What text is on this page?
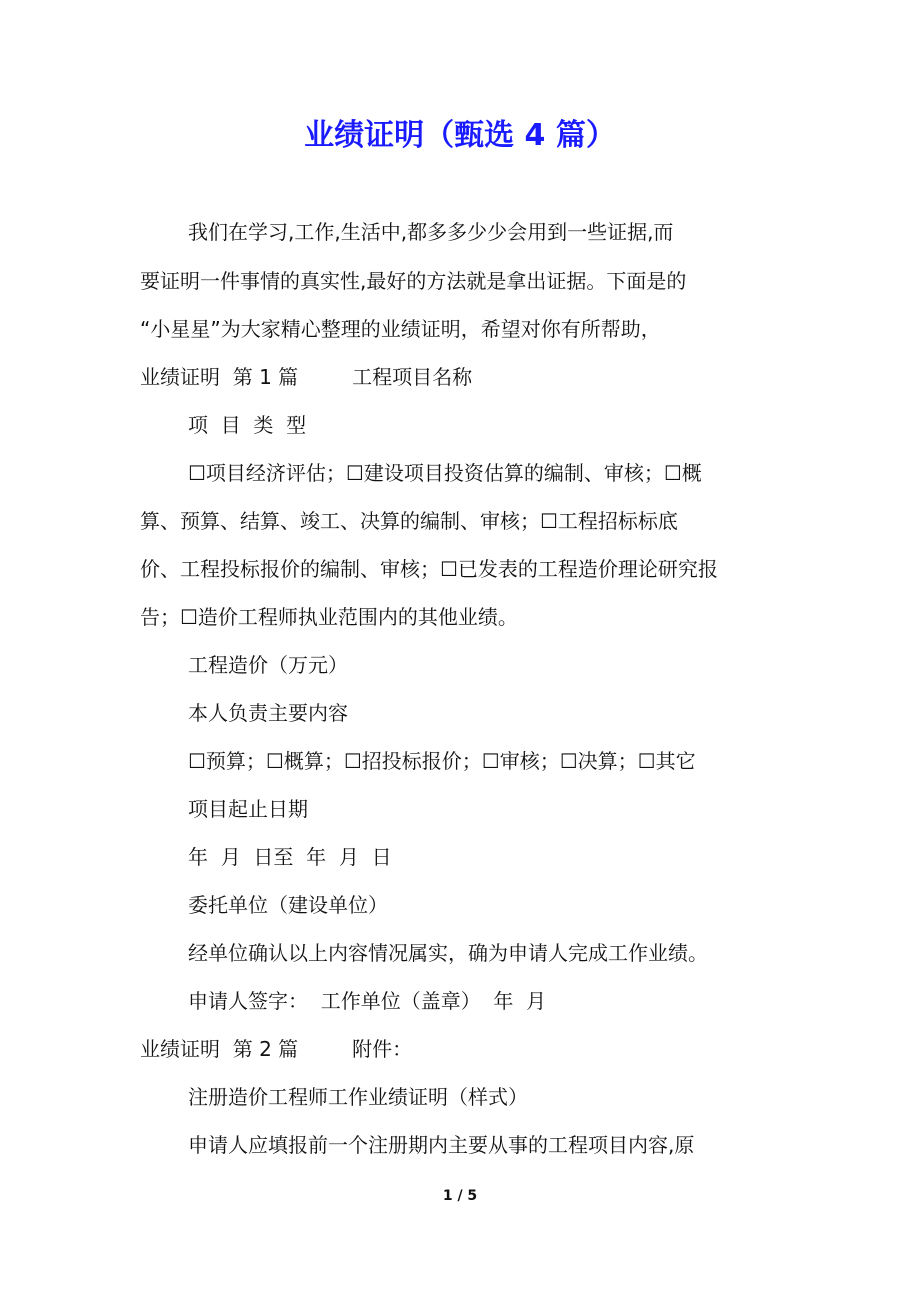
业绩证明（甄选 4 篇）

我们在学习,工作,生活中,都多多少少会用到一些证据,而

要证明一件事情的真实性,最好的方法就是拿出证据。下面是的

“小星星”为大家精心整理的业绩证明，希望对你有所帮助，

业绩证明  第 1 篇	工程项目名称

项  目  类  型

☐项目经济评估；☐建设项目投资估算的编制、审核；☐概

算、预算、结算、竣工、决算的编制、审核；☐工程招标标底

价、工程投标报价的编制、审核；☐已发表的工程造价理论研究报

告；☐造价工程师执业范围内的其他业绩。

工程造价（万元）

本人负责主要内容

☐预算；☐概算；☐招投标报价；☐审核；☐决算；☐其它

项目起止日期

年  月  日至  年  月  日

委托单位（建设单位）

经单位确认以上内容情况属实，确为申请人完成工作业绩。

申请人签字：  工作单位（盖章）  年  月

业绩证明  第 2 篇	附件：

注册造价工程师工作业绩证明（样式）

申请人应填报前一个注册期内主要从事的工程项目内容,原

1 / 5
